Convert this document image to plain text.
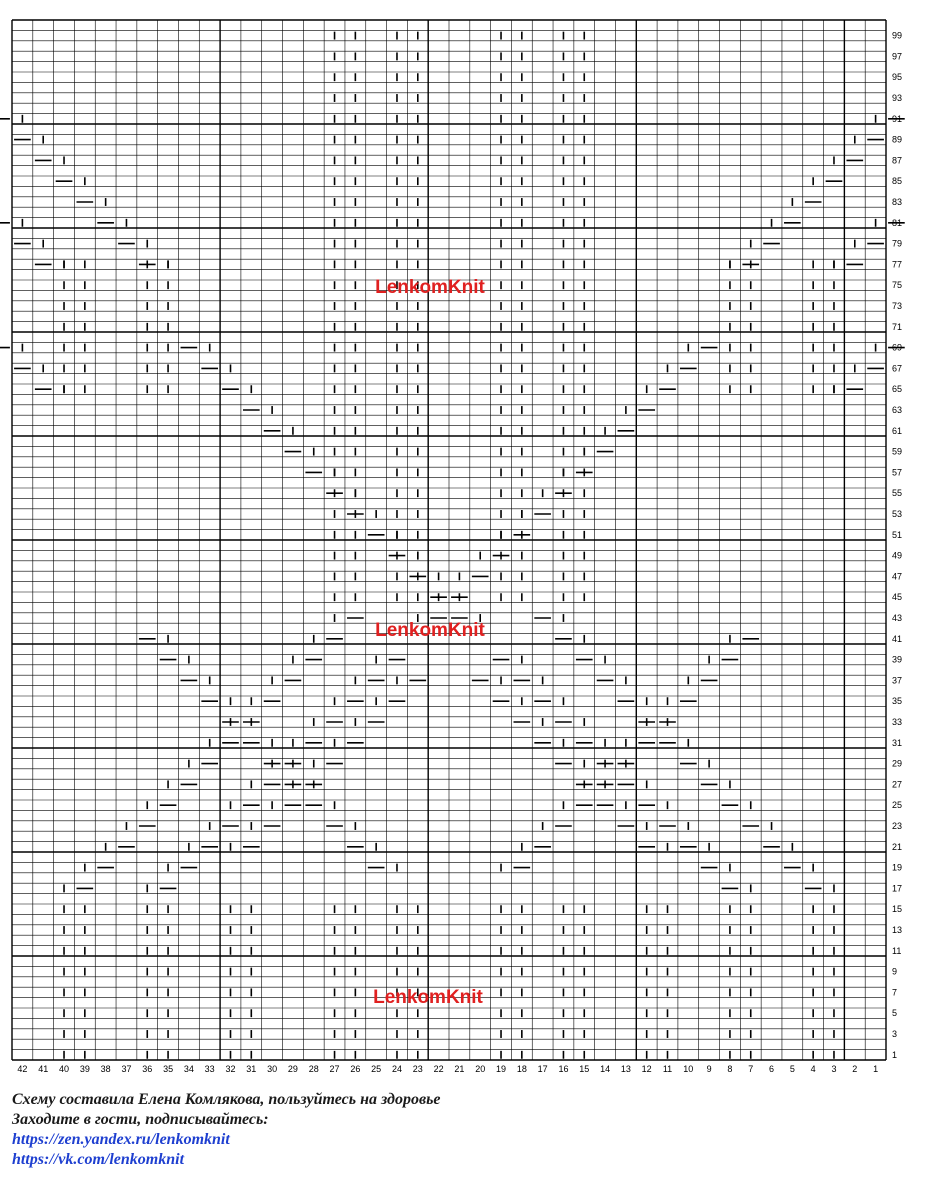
99
97
95
93
91
89
87
85
83
81
79
77
75
73
71
69
67
65
63
61
59
57
55
53
51
49
47
45
43
41
39
37
35
33
31
29
27
25
23
21
19
17
15
13
11
9
7
5
3
1
42 41 40 39 38 37 36 35 34 33 32 31 30 29 28 27 26 25 24 23 22 21 20 19 18 17 16 15 14 13 12 11 10 9 8 7 6 5 4 3 2 1
LenkomKnit
LenkomKnit
LenkomKnit
Схему составила Елена Комлякова, пользуйтесь на здоровье
Заходите в гости, подписывайтесь:
https://zen.yandex.ru/lenkomknit
https://vk.com/lenkomknit
